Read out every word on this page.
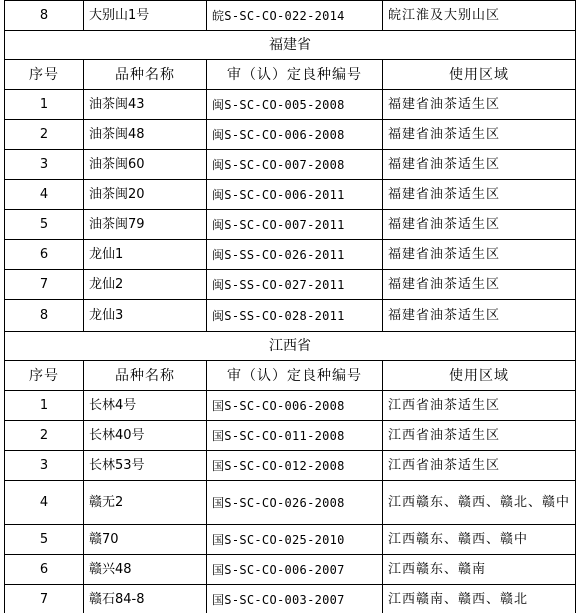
8	大别山1号	皖S-SC-CO-022-2014	皖江淮及大别山区
福建省			
序号	品种名称	审（认）定良种编号	使用区域
1	油茶闽43	闽S-SC-CO-005-2008	福建省油茶适生区
2	油茶闽48	闽S-SC-CO-006-2008	福建省油茶适生区
3	油茶闽60	闽S-SC-CO-007-2008	福建省油茶适生区
4	油茶闽20	闽S-SC-CO-006-2011	福建省油茶适生区
5	油茶闽79	闽S-SC-CO-007-2011	福建省油茶适生区
6	龙仙1	闽S-SS-CO-026-2011	福建省油茶适生区
7	龙仙2	闽S-SS-CO-027-2011	福建省油茶适生区
8	龙仙3	闽S-SS-CO-028-2011	福建省油茶适生区
江西省			
序号	品种名称	审（认）定良种编号	使用区域
1	长林4号	国S-SC-CO-006-2008	江西省油茶适生区
2	长林40号	国S-SC-CO-011-2008	江西省油茶适生区
3	长林53号	国S-SC-CO-012-2008	江西省油茶适生区
4	赣无2	国S-SC-CO-026-2008	江西赣东、赣西、赣北、赣中
5	赣70	国S-SC-CO-025-2010	江西赣东、赣西、赣中
6	赣兴48	国S-SC-CO-006-2007	江西赣东、赣南
7	赣石84-8	国S-SC-CO-003-2007	江西赣南、赣西、赣北
